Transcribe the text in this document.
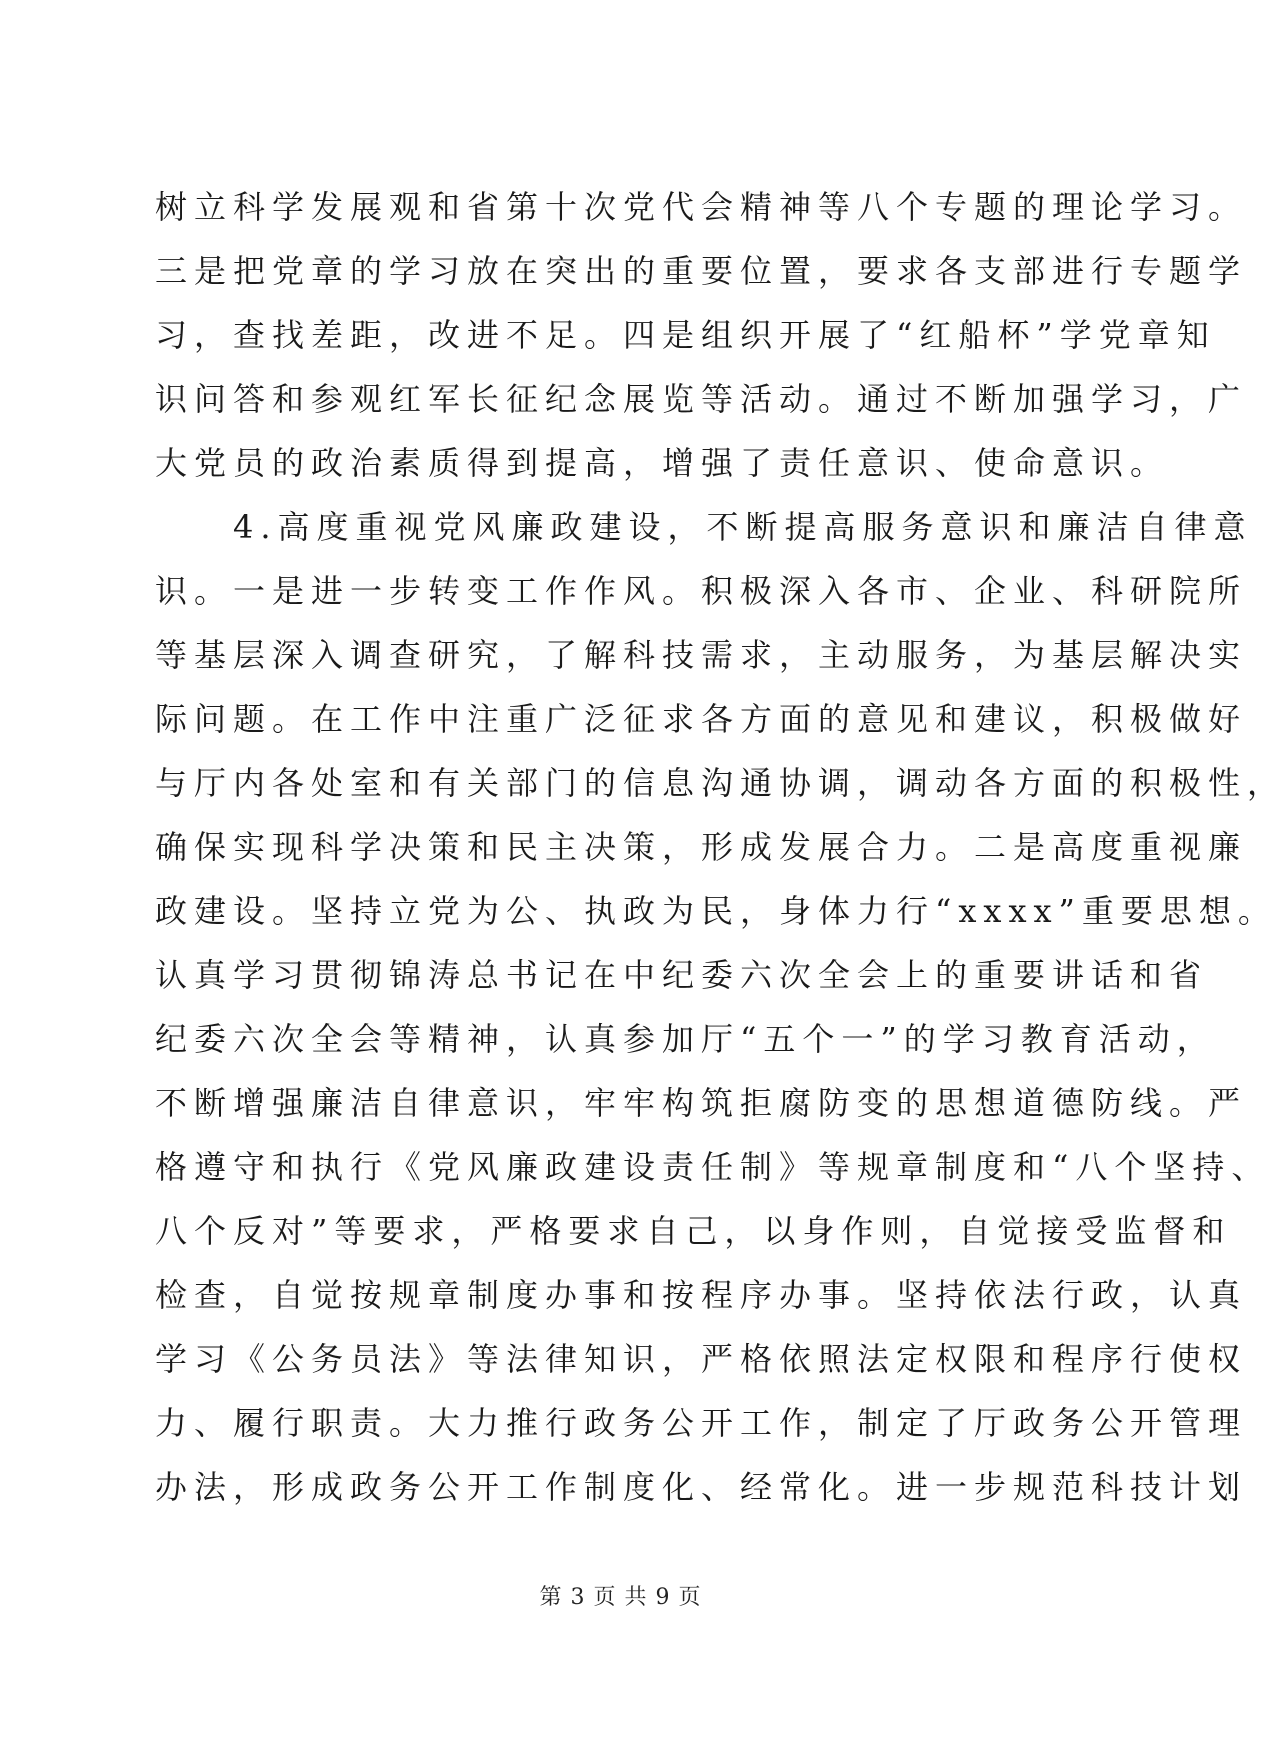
树立科学发展观和省第十次党代会精神等八个专题的理论学习。
三是把党章的学习放在突出的重要位置，要求各支部进行专题学
习，查找差距，改进不足。四是组织开展了“红船杯”学党章知
识问答和参观红军长征纪念展览等活动。通过不断加强学习，广
大党员的政治素质得到提高，增强了责任意识、使命意识。
　　4.高度重视党风廉政建设，不断提高服务意识和廉洁自律意
识。一是进一步转变工作作风。积极深入各市、企业、科研院所
等基层深入调查研究，了解科技需求，主动服务，为基层解决实
际问题。在工作中注重广泛征求各方面的意见和建议，积极做好
与厅内各处室和有关部门的信息沟通协调，调动各方面的积极性，
确保实现科学决策和民主决策，形成发展合力。二是高度重视廉
政建设。坚持立党为公、执政为民，身体力行“xxxx”重要思想。
认真学习贯彻锦涛总书记在中纪委六次全会上的重要讲话和省
纪委六次全会等精神，认真参加厅“五个一”的学习教育活动，
不断增强廉洁自律意识，牢牢构筑拒腐防变的思想道德防线。严
格遵守和执行《党风廉政建设责任制》等规章制度和“八个坚持、
八个反对”等要求，严格要求自己，以身作则，自觉接受监督和
检查，自觉按规章制度办事和按程序办事。坚持依法行政，认真
学习《公务员法》等法律知识，严格依照法定权限和程序行使权
力、履行职责。大力推行政务公开工作，制定了厅政务公开管理
办法，形成政务公开工作制度化、经常化。进一步规范科技计划
第 3 页 共 9 页
